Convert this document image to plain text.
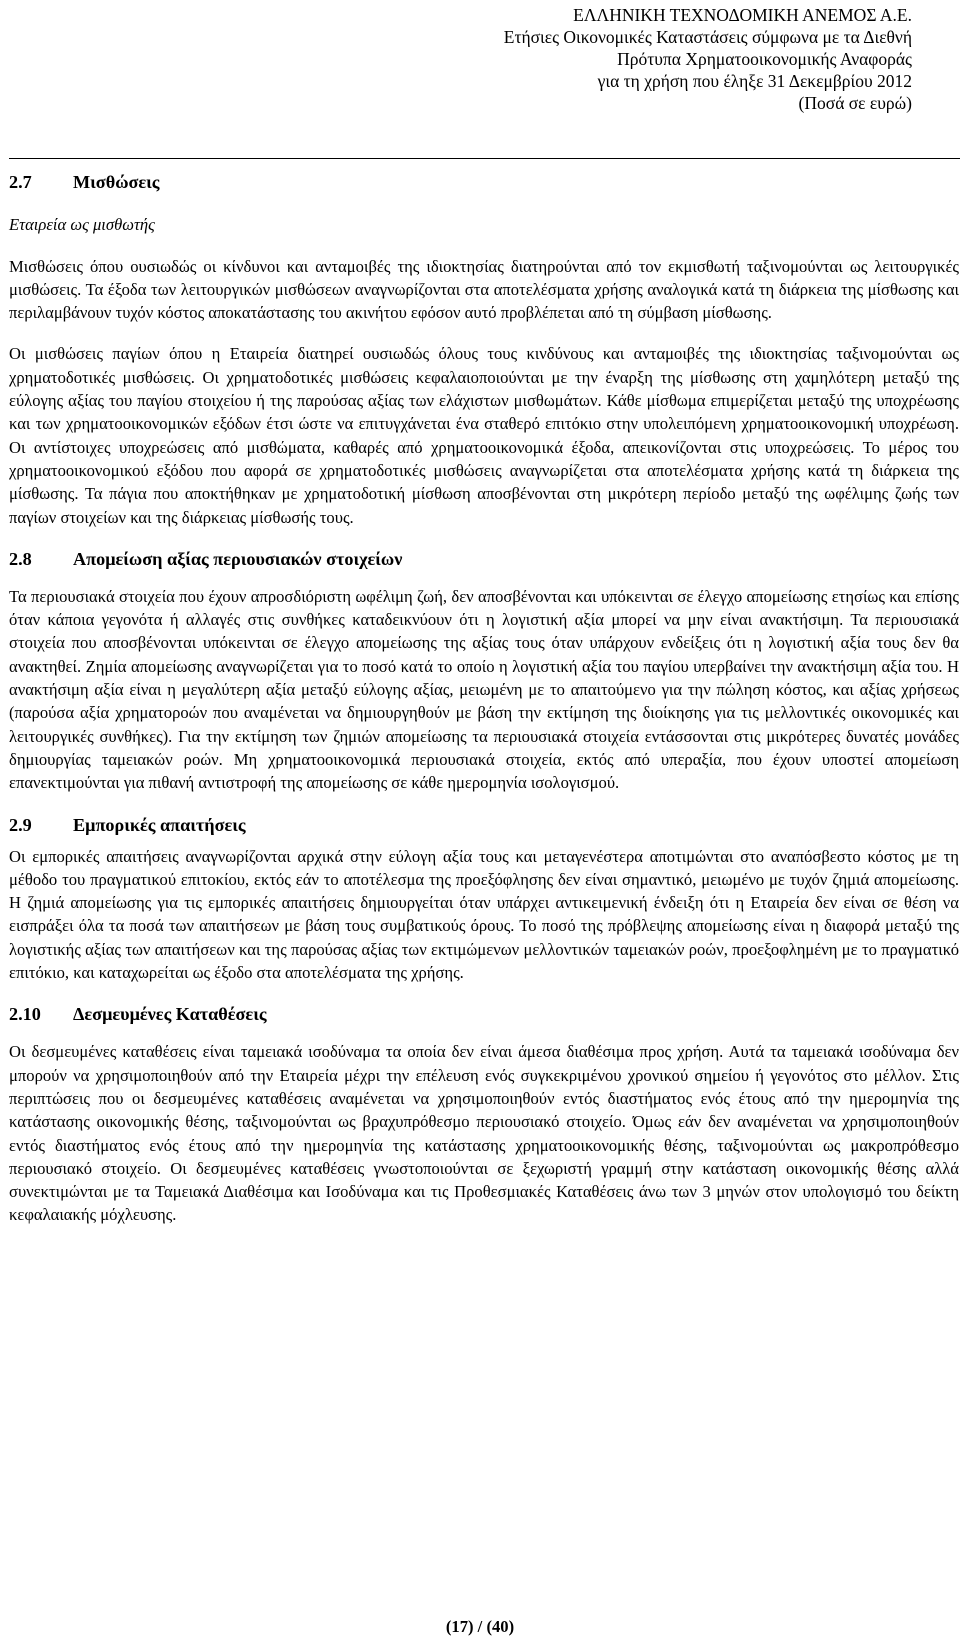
ΕΛΛΗΝΙΚΗ ΤΕΧΝΟΔΟΜΙΚΗ ΑΝΕΜΟΣ Α.Ε.
Ετήσιες Οικονομικές Καταστάσεις σύμφωνα με τα Διεθνή
Πρότυπα Χρηματοοικονομικής Αναφοράς
για τη χρήση που έληξε 31 Δεκεμβρίου 2012
(Ποσά σε ευρώ)
2.7	Μισθώσεις

Εταιρεία ως μισθωτής

Μισθώσεις όπου ουσιωδώς οι κίνδυνοι και ανταμοιβές της ιδιοκτησίας διατηρούνται από τον εκμισθωτή ταξινομούνται ως λειτουργικές μισθώσεις. Τα έξοδα των λειτουργικών μισθώσεων αναγνωρίζονται στα αποτελέσματα χρήσης αναλογικά κατά τη διάρκεια της μίσθωσης και περιλαμβάνουν τυχόν κόστος αποκατάστασης του ακινήτου εφόσον αυτό προβλέπεται από τη σύμβαση μίσθωσης.

Οι μισθώσεις παγίων όπου η Εταιρεία διατηρεί ουσιωδώς όλους τους κινδύνους και ανταμοιβές της ιδιοκτησίας ταξινομούνται ως χρηματοδοτικές μισθώσεις. Οι χρηματοδοτικές μισθώσεις κεφαλαιοποιούνται με την έναρξη της μίσθωσης στη χαμηλότερη μεταξύ της εύλογης αξίας του παγίου στοιχείου ή της παρούσας αξίας των ελάχιστων μισθωμάτων. Κάθε μίσθωμα επιμερίζεται μεταξύ της υποχρέωσης και των χρηματοοικονομικών εξόδων έτσι ώστε να επιτυγχάνεται ένα σταθερό επιτόκιο στην υπολειπόμενη χρηματοοικονομική υποχρέωση. Οι αντίστοιχες υποχρεώσεις από μισθώματα, καθαρές από χρηματοοικονομικά έξοδα, απεικονίζονται στις υποχρεώσεις. Το μέρος του χρηματοοικονομικού εξόδου που αφορά σε χρηματοδοτικές μισθώσεις αναγνωρίζεται στα αποτελέσματα χρήσης κατά τη διάρκεια της μίσθωσης. Τα πάγια που αποκτήθηκαν με χρηματοδοτική μίσθωση αποσβένονται στη μικρότερη περίοδο μεταξύ της ωφέλιμης ζωής των παγίων στοιχείων και της διάρκειας μίσθωσής τους.

2.8	Απομείωση αξίας περιουσιακών στοιχείων

Τα περιουσιακά στοιχεία που έχουν απροσδιόριστη ωφέλιμη ζωή, δεν αποσβένονται και υπόκεινται σε έλεγχο απομείωσης ετησίως και επίσης όταν κάποια γεγονότα ή αλλαγές στις συνθήκες καταδεικνύουν ότι η λογιστική αξία μπορεί να μην είναι ανακτήσιμη. Τα περιουσιακά στοιχεία που αποσβένονται υπόκεινται σε έλεγχο απομείωσης της αξίας τους όταν υπάρχουν ενδείξεις ότι η λογιστική αξία τους δεν θα ανακτηθεί. Ζημία απομείωσης αναγνωρίζεται για το ποσό κατά το οποίο η λογιστική αξία του παγίου υπερβαίνει την ανακτήσιμη αξία του. Η ανακτήσιμη αξία είναι η μεγαλύτερη αξία μεταξύ εύλογης αξίας, μειωμένη με το απαιτούμενο για την πώληση κόστος, και αξίας χρήσεως (παρούσα αξία χρηματοροών που αναμένεται να δημιουργηθούν με βάση την εκτίμηση της διοίκησης για τις μελλοντικές οικονομικές και λειτουργικές συνθήκες). Για την εκτίμηση των ζημιών απομείωσης τα περιουσιακά στοιχεία εντάσσονται στις μικρότερες δυνατές μονάδες δημιουργίας ταμειακών ροών. Μη χρηματοοικονομικά περιουσιακά στοιχεία, εκτός από υπεραξία, που έχουν υποστεί απομείωση επανεκτιμούνται για πιθανή αντιστροφή της απομείωσης σε κάθε ημερομηνία ισολογισμού.

2.9	Εμπορικές απαιτήσεις

Οι εμπορικές απαιτήσεις αναγνωρίζονται αρχικά στην εύλογη αξία τους και μεταγενέστερα αποτιμώνται στο αναπόσβεστο κόστος με τη μέθοδο του πραγματικού επιτοκίου, εκτός εάν το αποτέλεσμα της προεξόφλησης δεν είναι σημαντικό, μειωμένο με τυχόν ζημιά απομείωσης. Η ζημιά απομείωσης για τις εμπορικές απαιτήσεις δημιουργείται όταν υπάρχει αντικειμενική ένδειξη ότι η Εταιρεία δεν είναι σε θέση να εισπράξει όλα τα ποσά των απαιτήσεων με βάση τους συμβατικούς όρους. Το ποσό της πρόβλεψης απομείωσης είναι η διαφορά μεταξύ της λογιστικής αξίας των απαιτήσεων και της παρούσας αξίας των εκτιμώμενων μελλοντικών ταμειακών ροών, προεξοφλημένη με το πραγματικό επιτόκιο, και καταχωρείται ως έξοδο στα αποτελέσματα της χρήσης.

2.10	Δεσμευμένες Καταθέσεις

Οι δεσμευμένες καταθέσεις είναι ταμειακά ισοδύναμα τα οποία δεν είναι άμεσα διαθέσιμα προς χρήση. Αυτά τα ταμειακά ισοδύναμα δεν μπορούν να χρησιμοποιηθούν από την Εταιρεία μέχρι την επέλευση ενός συγκεκριμένου χρονικού σημείου ή γεγονότος στο μέλλον. Στις περιπτώσεις που οι δεσμευμένες καταθέσεις αναμένεται να χρησιμοποιηθούν εντός διαστήματος ενός έτους από την ημερομηνία της κατάστασης οικονομικής θέσης, ταξινομούνται ως βραχυπρόθεσμο περιουσιακό στοιχείο. Όμως εάν δεν αναμένεται να χρησιμοποιηθούν εντός διαστήματος ενός έτους από την ημερομηνία της κατάστασης χρηματοοικονομικής θέσης, ταξινομούνται ως μακροπρόθεσμο περιουσιακό στοιχείο. Οι δεσμευμένες καταθέσεις γνωστοποιούνται σε ξεχωριστή γραμμή στην κατάσταση οικονομικής θέσης αλλά συνεκτιμώνται με τα Ταμειακά Διαθέσιμα και Ισοδύναμα και τις Προθεσμιακές Καταθέσεις άνω των 3 μηνών στον υπολογισμό του δείκτη κεφαλαιακής μόχλευσης.

(17) / (40)
